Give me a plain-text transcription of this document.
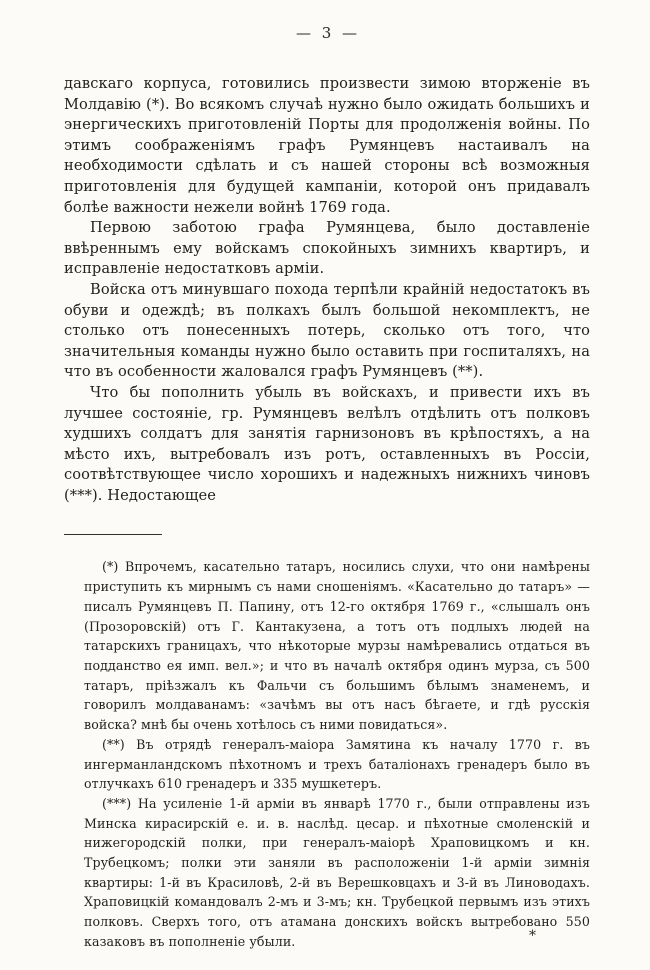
— 3 —

давскаго корпуса, готовились произвести зимою вторженіе въ Молдавію (*). Во всякомъ случаѣ нужно было ожидать большихъ и энергическихъ приготовленій Порты для продолженія войны. По этимъ соображеніямъ графъ Румянцевъ настаивалъ на необходимости сдѣлать и съ нашей стороны всѣ возможныя приготовленія для будущей кампаніи, которой онъ придавалъ болѣе важности нежели войнѣ 1769 года.

Первою заботою графа Румянцева, было доставленіе ввѣреннымъ ему войскамъ спокойныхъ зимнихъ квартиръ, и исправленіе недостатковъ арміи.

Войска отъ минувшаго похода терпѣли крайній недостатокъ въ обуви и одеждѣ; въ полкахъ былъ большой некомплектъ, не столько отъ понесенныхъ потерь, сколько отъ того, что значительныя команды нужно было оставить при госпиталяхъ, на что въ особенности жаловался графъ Румянцевъ (**).

Что бы пополнить убыль въ войскахъ, и привести ихъ въ лучшее состояніе, гр. Румянцевъ велѣлъ отдѣлить отъ полковъ худшихъ солдатъ для занятія гарнизоновъ въ крѣпостяхъ, а на мѣсто ихъ, вытребовалъ изъ ротъ, оставленныхъ въ Россіи, соотвѣтствующее число хорошихъ и надежныхъ нижнихъ чиновъ (***). Недостающее

(*) Впрочемъ, касательно татаръ, носились слухи, что они намѣрены приступить къ мирнымъ съ нами сношеніямъ. «Касательно до татаръ» — писалъ Румянцевъ П. Папину, отъ 12-го октября 1769 г., «слышалъ онъ (Прозоровскій) отъ Г. Кантакузена, а тотъ отъ подлыхъ людей на татарскихъ границахъ, что нѣкоторые мурзы намѣревались отдаться въ подданство ея имп. вел.»; и что въ началѣ октября одинъ мурза, съ 500 татаръ, пріѣзжалъ къ Фальчи съ большимъ бѣлымъ знаменемъ, и говорилъ молдаванамъ: «зачѣмъ вы отъ насъ бѣгаете, и гдѣ русскія войска? мнѣ бы очень хотѣлось съ ними повидаться».

(**) Въ отрядѣ генералъ-маіора Замятина къ началу 1770 г. въ ингерманландскомъ пѣхотномъ и трехъ баталіонахъ гренадеръ было въ отлучкахъ 610 гренадеръ и 335 мушкетеръ.

(***) На усиленіе 1-й арміи въ январѣ 1770 г., были отправлены изъ Минска кирасирскій е. и. в. наслѣд. цесар. и пѣхотные смоленскій и нижегородскій полки, при генералъ-маіорѣ Храповицкомъ и кн. Трубецкомъ; полки эти заняли въ расположеніи 1-й арміи зимнія квартиры: 1-й въ Красиловѣ, 2-й въ Верешковцахъ и 3-й въ Линоводахъ. Храповицкій командовалъ 2-мъ и 3-мъ; кн. Трубецкой первымъ изъ этихъ полковъ. Сверхъ того, отъ атамана донскихъ войскъ вытребовано 550 казаковъ въ пополненіе убыли.	*
